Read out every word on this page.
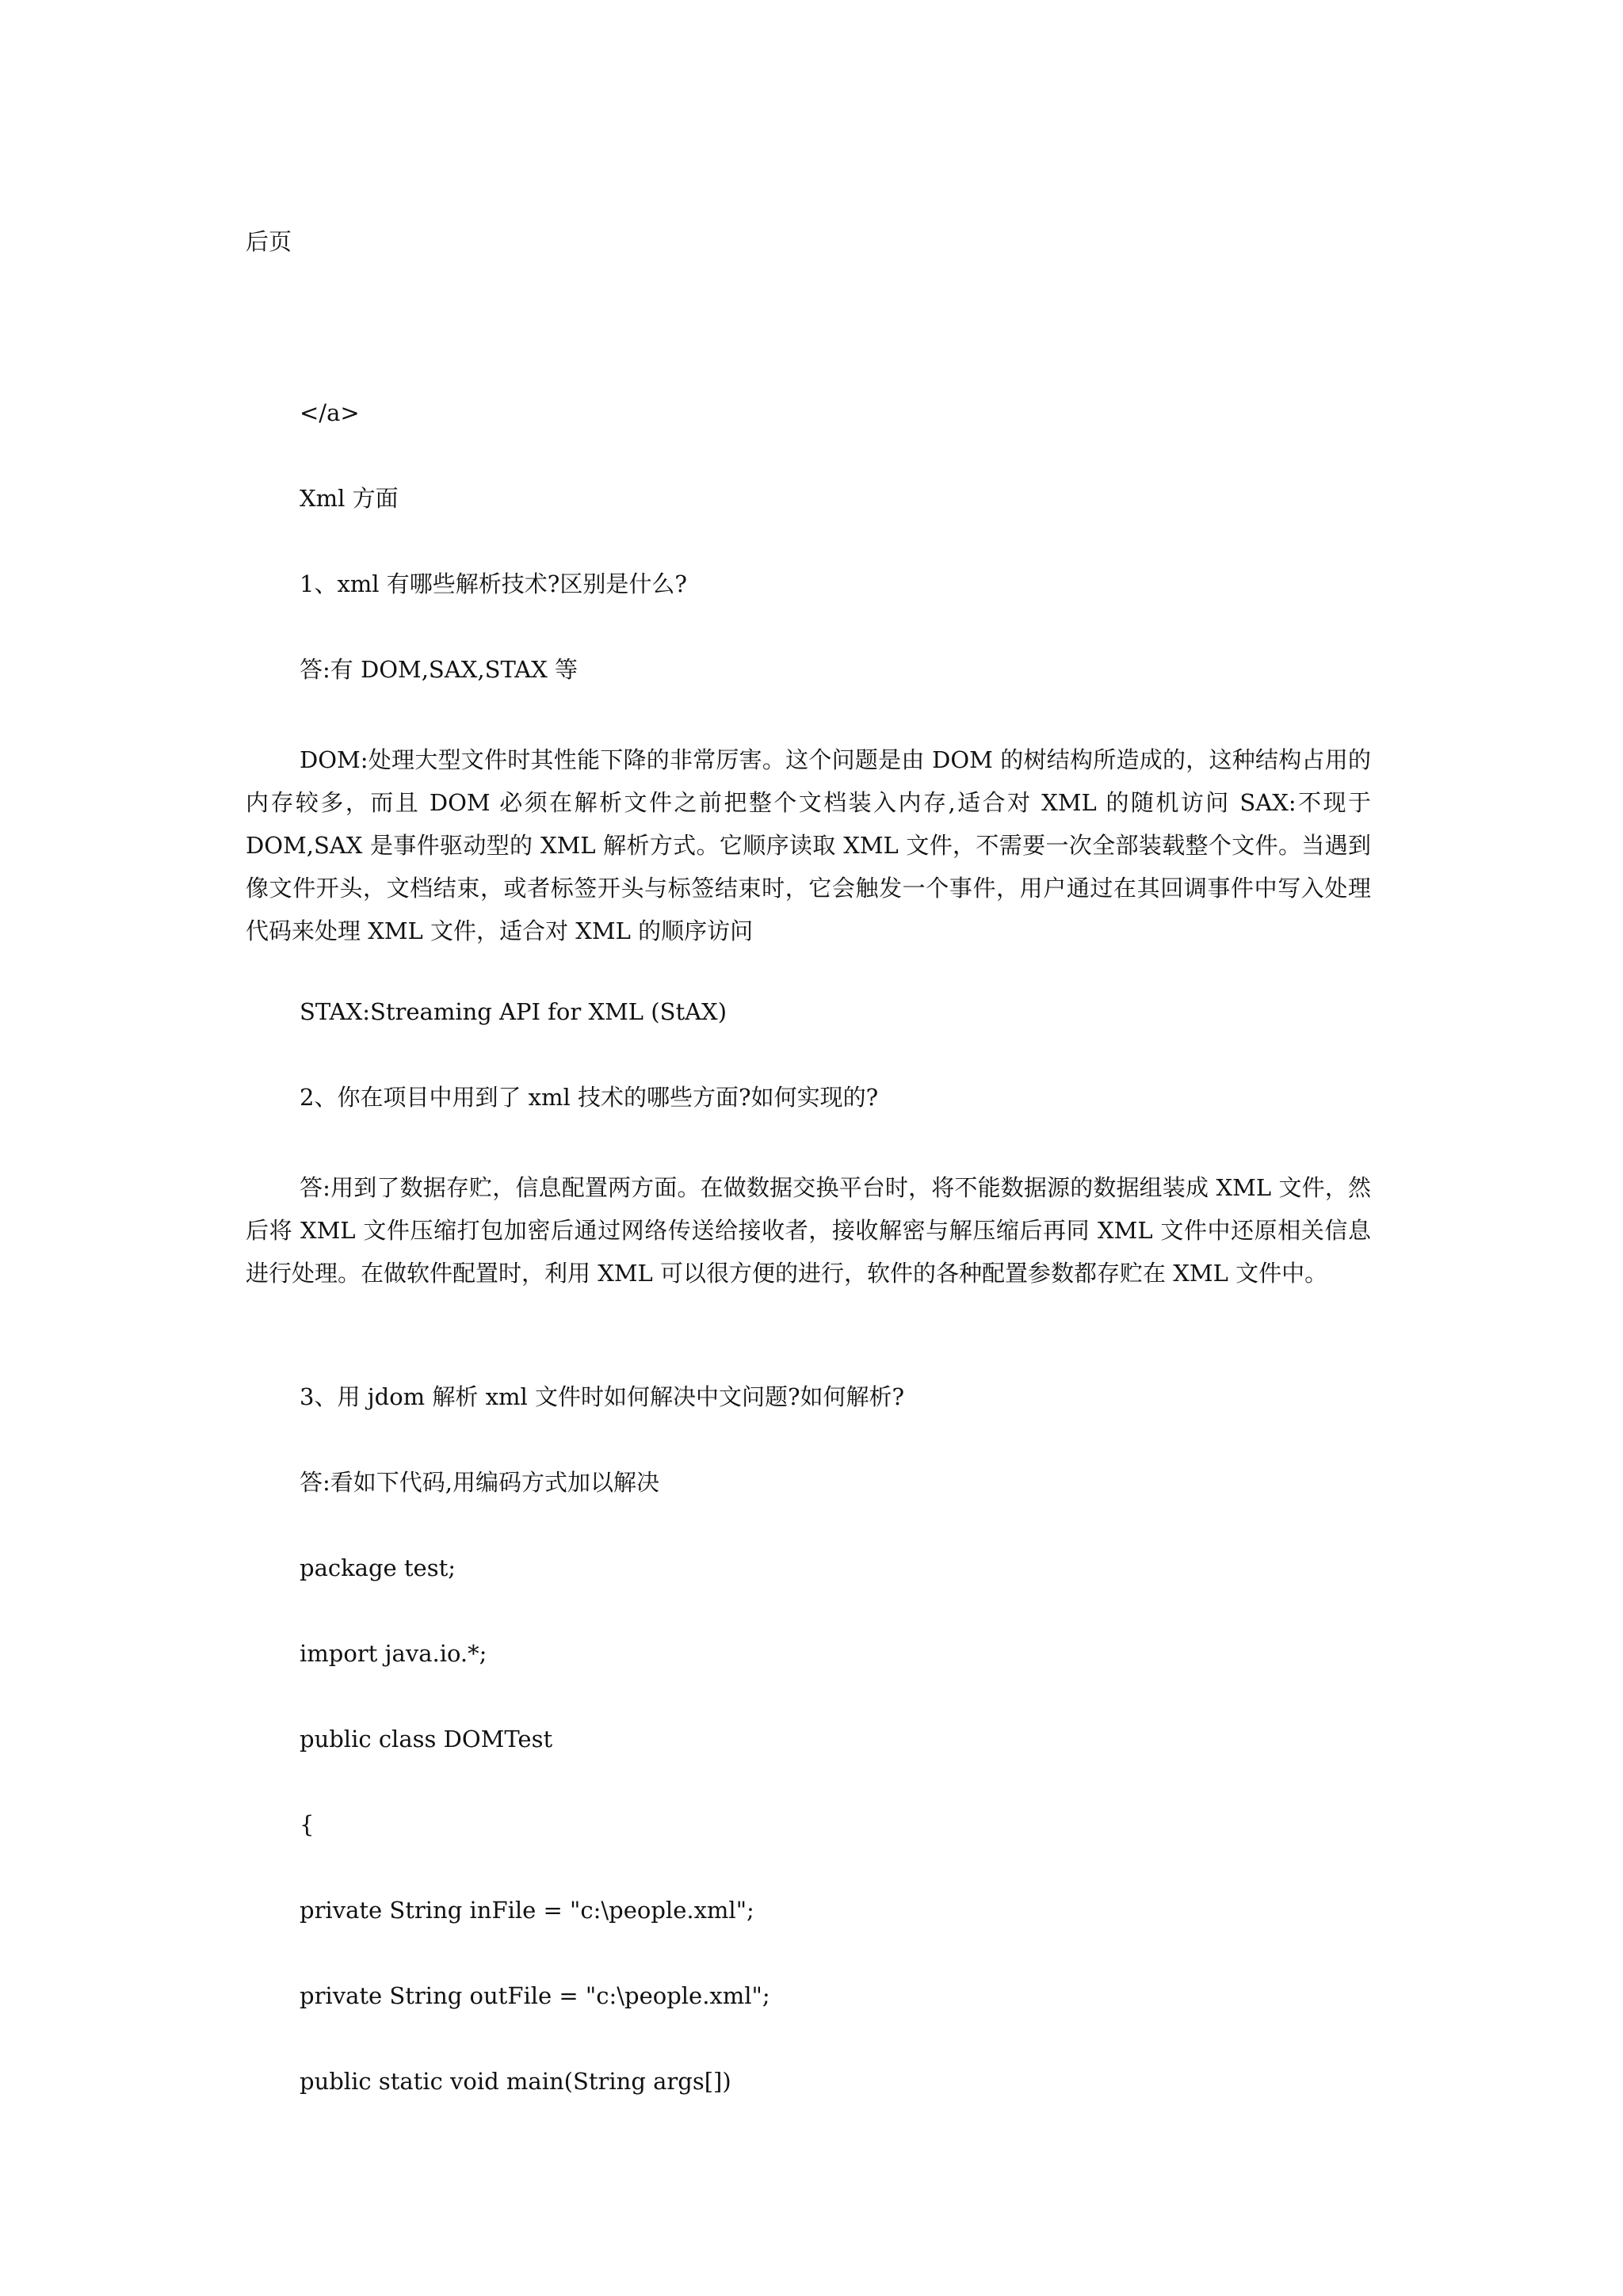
后页

</a>

Xml 方面

1、xml 有哪些解析技术?区别是什么?

答:有 DOM,SAX,STAX 等

DOM:处理大型文件时其性能下降的非常厉害。这个问题是由 DOM 的树结构所造成的，这种结构占用的内存较多，而且 DOM 必须在解析文件之前把整个文档装入内存,适合对 XML 的随机访问 SAX:不现于 DOM,SAX 是事件驱动型的 XML 解析方式。它顺序读取 XML 文件，不需要一次全部装载整个文件。当遇到像文件开头，文档结束，或者标签开头与标签结束时，它会触发一个事件，用户通过在其回调事件中写入处理代码来处理 XML 文件，适合对 XML 的顺序访问

STAX:Streaming API for XML (StAX)

2、你在项目中用到了 xml 技术的哪些方面?如何实现的?

答:用到了数据存贮，信息配置两方面。在做数据交换平台时，将不能数据源的数据组装成 XML 文件，然后将 XML 文件压缩打包加密后通过网络传送给接收者，接收解密与解压缩后再同 XML 文件中还原相关信息进行处理。在做软件配置时，利用 XML 可以很方便的进行，软件的各种配置参数都存贮在 XML 文件中。

3、用 jdom 解析 xml 文件时如何解决中文问题?如何解析?

答:看如下代码,用编码方式加以解决

package test;

import java.io.*;

public class DOMTest

{

private String inFile = "c:\people.xml";

private String outFile = "c:\people.xml";

public static void main(String args[])
